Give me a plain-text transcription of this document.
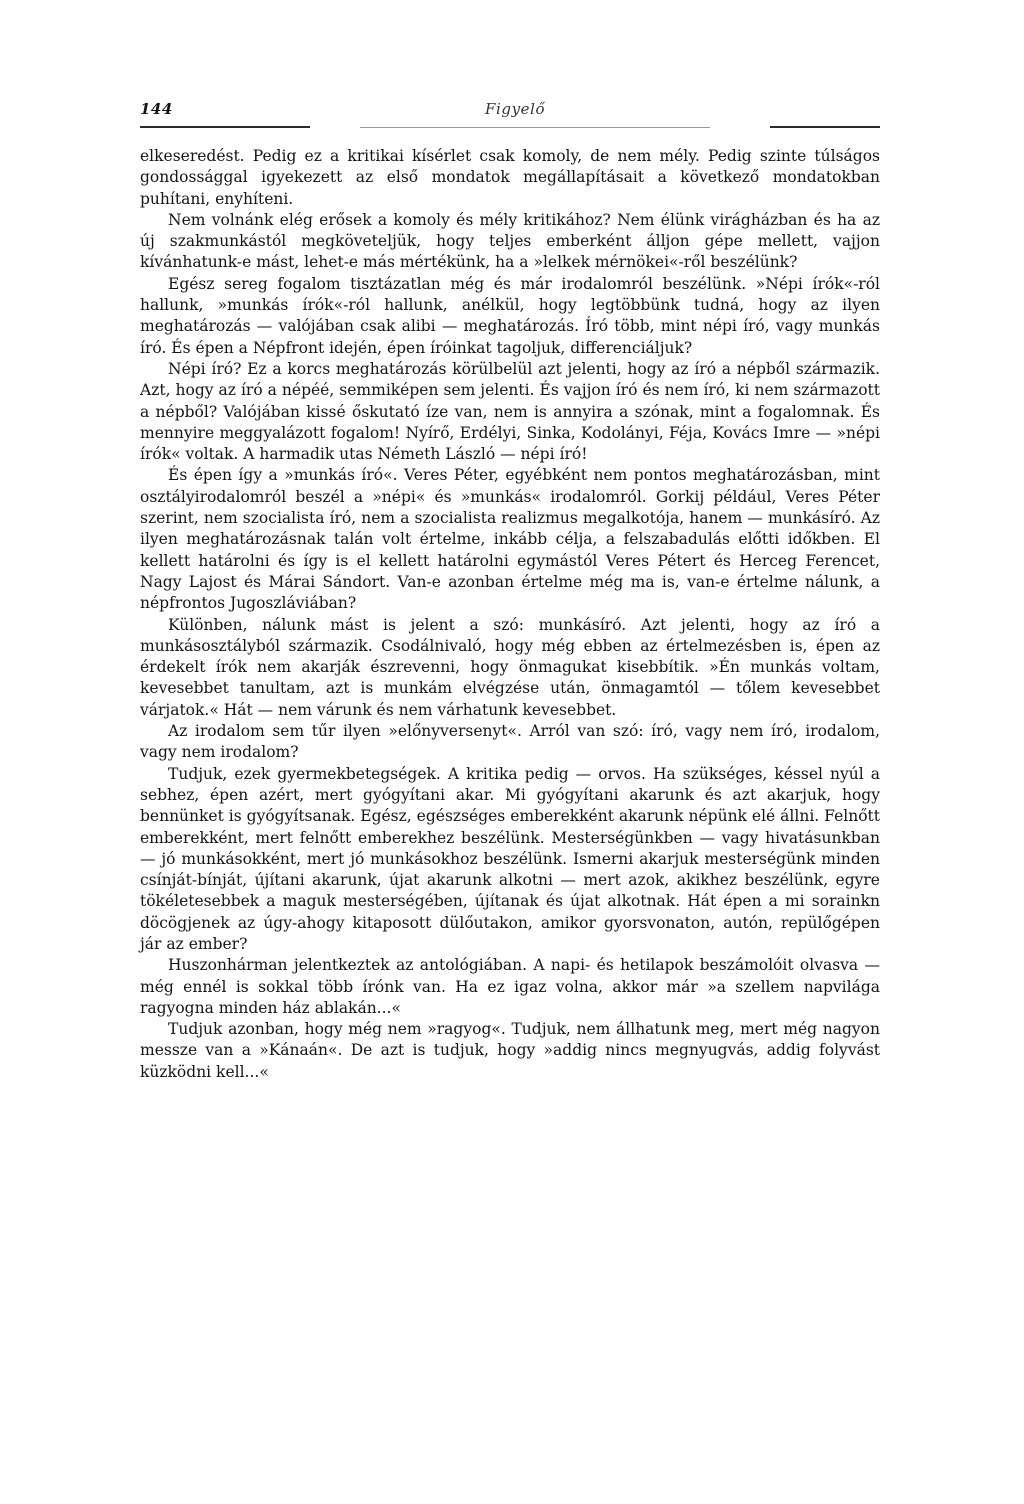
144	Figyelő

elkeseredést. Pedig ez a kritikai kísérlet csak komoly, de nem mély. Pedig szinte túlságos gondossággal igyekezett az első mondatok megállapításait a következő mondatokban puhítani, enyhíteni.

Nem volnánk elég erősek a komoly és mély kritikához? Nem élünk virágházban és ha az új szakmunkástól megköveteljük, hogy teljes emberként álljon gépe mellett, vajjon kívánhatunk-e mást, lehet-e más mértékünk, ha a »lelkek mérnökei«-ről beszélünk?

Egész sereg fogalom tisztázatlan még és már irodalomról beszélünk. »Népi írók«-ról hallunk, »munkás írók«-ról hallunk, anélkül, hogy legtöbbünk tudná, hogy az ilyen meghatározás — valójában csak alibi — meghatározás. Író több, mint népi író, vagy munkás író. És épen a Népfront idején, épen íróinkat tagoljuk, differenciáljuk?

Népi író? Ez a korcs meghatározás körülbelül azt jelenti, hogy az író a népből származik. Azt, hogy az író a népéé, semmiképen sem jelenti. És vajjon író és nem író, ki nem származott a népből? Valójában kissé őskutató íze van, nem is annyira a szónak, mint a fogalomnak. És mennyire meggyalázott fogalom! Nyírő, Erdélyi, Sinka, Kodolányi, Féja, Kovács Imre — »népi írók« voltak. A harmadik utas Németh László — népi író!

És épen így a »munkás író«. Veres Péter, egyébként nem pontos meghatározásban, mint osztályirodalomról beszél a »népi« és »munkás« irodalomról. Gorkij például, Veres Péter szerint, nem szocialista író, nem a szocialista realizmus megalkotója, hanem — munkásíró. Az ilyen meghatározásnak talán volt értelme, inkább célja, a felszabadulás előtti időkben. El kellett határolni és így is el kellett határolni egymástól Veres Pétert és Herceg Ferencet, Nagy Lajost és Márai Sándort. Van-e azonban értelme még ma is, van-e értelme nálunk, a népfrontos Jugoszláviában?

Különben, nálunk mást is jelent a szó: munkásíró. Azt jelenti, hogy az író a munkásosztályból származik. Csodálnivaló, hogy még ebben az értelmezésben is, épen az érdekelt írók nem akarják észrevenni, hogy önmagukat kisebbítik. »Én munkás voltam, kevesebbet tanultam, azt is munkám elvégzése után, önmagamtól — tőlem kevesebbet várjatok.« Hát — nem várunk és nem várhatunk kevesebbet.

Az irodalom sem tűr ilyen »előnyversenyt«. Arról van szó: író, vagy nem író, irodalom, vagy nem irodalom?

Tudjuk, ezek gyermekbetegségek. A kritika pedig — orvos. Ha szükséges, késsel nyúl a sebhez, épen azért, mert gyógyítani akar. Mi gyógyítani akarunk és azt akarjuk, hogy bennünket is gyógyítsanak. Egész, egészséges emberekként akarunk népünk elé állni. Felnőtt emberekként, mert felnőtt emberekhez beszélünk. Mesterségünkben — vagy hivatásunkban — jó munkásokként, mert jó munkásokhoz beszélünk. Ismerni akarjuk mesterségünk minden csínját-bínját, újítani akarunk, újat akarunk alkotni — mert azok, akikhez beszélünk, egyre tökéletesebbek a maguk mesterségében, újítanak és újat alkotnak. Hát épen a mi sorainkn döcögjenek az úgy-ahogy kitaposott dülőutakon, amikor gyorsvonaton, autón, repülőgépen jár az ember?

Huszonhárman jelentkeztek az antológiában. A napi- és hetilapok beszámolóit olvasva — még ennél is sokkal több írónk van. Ha ez igaz volna, akkor már »a szellem napvilága ragyogna minden ház ablakán...«

Tudjuk azonban, hogy még nem »ragyog«. Tudjuk, nem állhatunk meg, mert még nagyon messze van a »Kánaán«. De azt is tudjuk, hogy »addig nincs megnyugvás, addig folyvást küzködni kell...«
